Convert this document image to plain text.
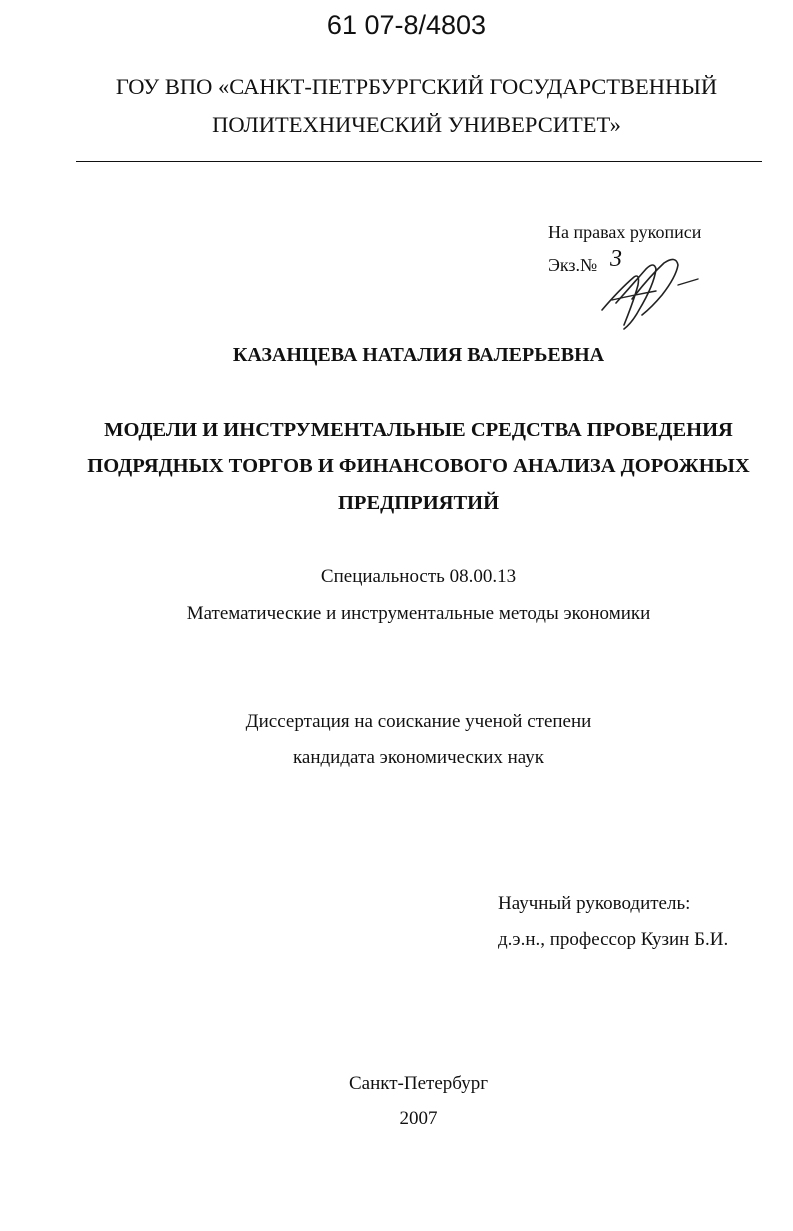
61 07-8/4803
ГОУ ВПО «САНКТ-ПЕТРБУРГСКИЙ ГОСУДАРСТВЕННЫЙ
ПОЛИТЕХНИЧЕСКИЙ УНИВЕРСИТЕТ»
На правах рукописи
Экз.№ 3
КАЗАНЦЕВА НАТАЛИЯ ВАЛЕРЬЕВНА
МОДЕЛИ И ИНСТРУМЕНТАЛЬНЫЕ СРЕДСТВА ПРОВЕДЕНИЯ
ПОДРЯДНЫХ ТОРГОВ И ФИНАНСОВОГО АНАЛИЗА ДОРОЖНЫХ
ПРЕДПРИЯТИЙ
Специальность 08.00.13
Математические и инструментальные методы экономики
Диссертация на соискание ученой степени
кандидата экономических наук
Научный руководитель:
д.э.н., профессор Кузин Б.И.
Санкт-Петербург
2007
